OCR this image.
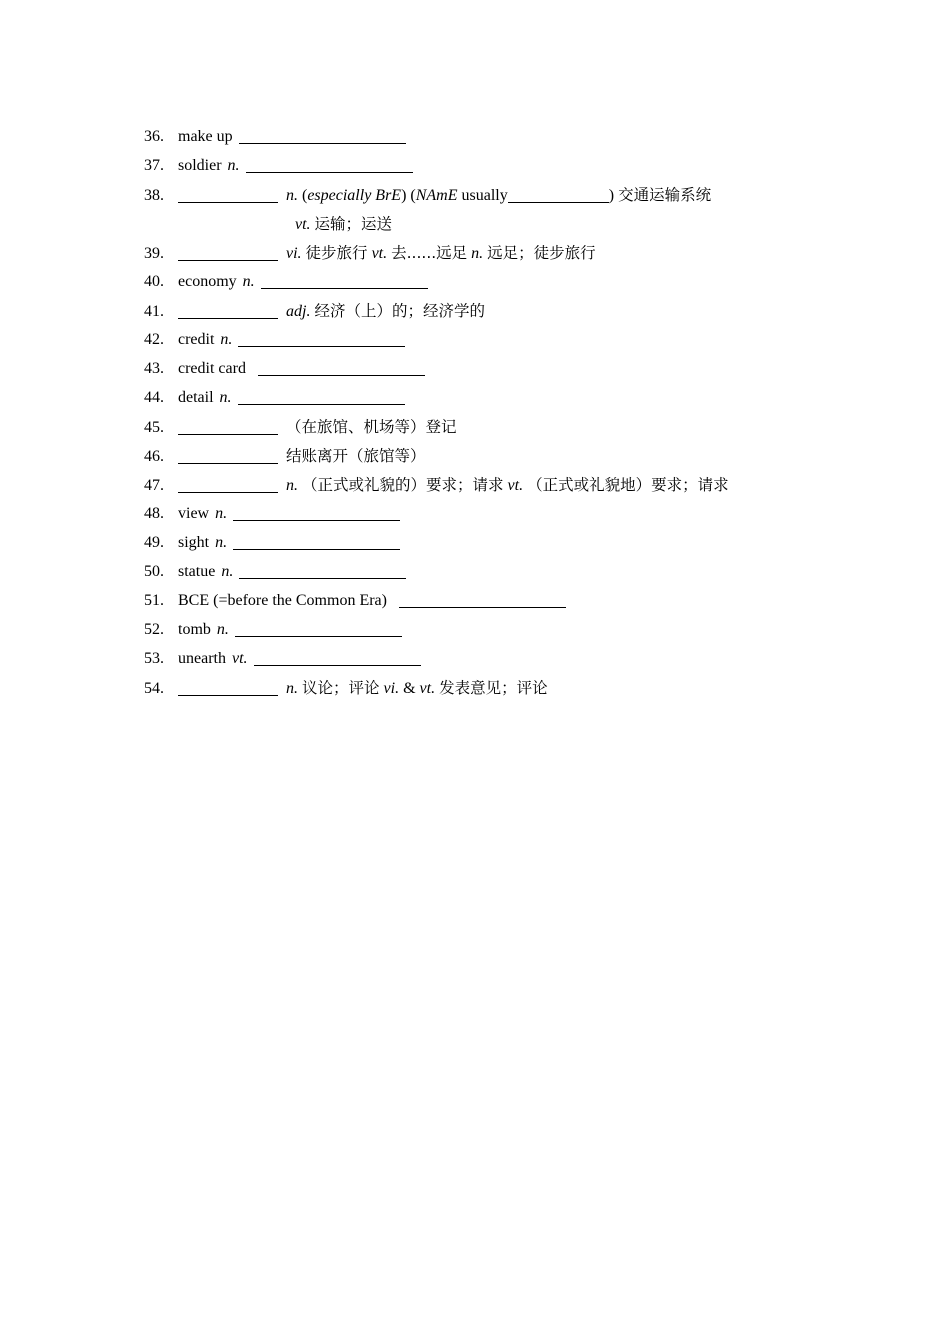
36. make up
37. soldier n.
38.	n. (especially BrE) (NAmE usually	) 交通运输系统
vt. 运输；运送
39.	vi. 徒步旅行 vt. 去......远足 n. 远足；徒步旅行
40. economy n.
41.	adj. 经济（上）的；经济学的
42. credit n.
43. credit card
44. detail n.
45.	（在旅馆、机场等）登记
46.	结账离开（旅馆等）
47.	n. （正式或礼貌的）要求；请求 vt. （正式或礼貌地）要求；请求
48. view n.
49. sight n.
50. statue n.
51. BCE (=before the Common Era)
52. tomb n.
53. unearth vt.
54.	n. 议论；评论 vi. & vt. 发表意见；评论
